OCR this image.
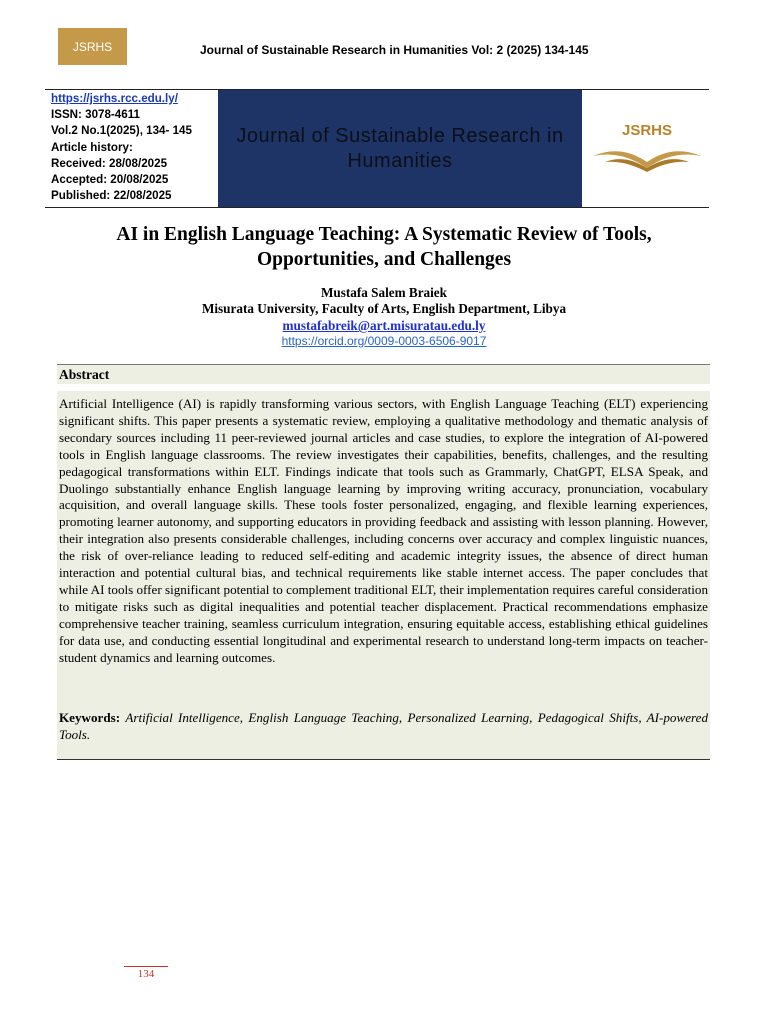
JSRHS	Journal of Sustainable Research in Humanities Vol: 2 (2025) 134-145
https://jsrhs.rcc.edu.ly/
ISSN: 3078-4611
Vol.2 No.1(2025), 134- 145
Article history:
Received: 28/08/2025
Accepted: 20/08/2025
Published: 22/08/2025
Journal of Sustainable Research in Humanities
JSRHS
AI in English Language Teaching: A Systematic Review of Tools, Opportunities, and Challenges
Mustafa Salem Braiek
Misurata University, Faculty of Arts, English Department, Libya
mustafabreik@art.misuratau.edu.ly
https://orcid.org/0009-0003-6506-9017
Abstract
Artificial Intelligence (AI) is rapidly transforming various sectors, with English Language Teaching (ELT) experiencing significant shifts. This paper presents a systematic review, employing a qualitative methodology and thematic analysis of secondary sources including 11 peer-reviewed journal articles and case studies, to explore the integration of AI-powered tools in English language classrooms. The review investigates their capabilities, benefits, challenges, and the resulting pedagogical transformations within ELT. Findings indicate that tools such as Grammarly, ChatGPT, ELSA Speak, and Duolingo substantially enhance English language learning by improving writing accuracy, pronunciation, vocabulary acquisition, and overall language skills. These tools foster personalized, engaging, and flexible learning experiences, promoting learner autonomy, and supporting educators in providing feedback and assisting with lesson planning. However, their integration also presents considerable challenges, including concerns over accuracy and complex linguistic nuances, the risk of over-reliance leading to reduced self-editing and academic integrity issues, the absence of direct human interaction and potential cultural bias, and technical requirements like stable internet access. The paper concludes that while AI tools offer significant potential to complement traditional ELT, their implementation requires careful consideration to mitigate risks such as digital inequalities and potential teacher displacement. Practical recommendations emphasize comprehensive teacher training, seamless curriculum integration, ensuring equitable access, establishing ethical guidelines for data use, and conducting essential longitudinal and experimental research to understand long-term impacts on teacher-student dynamics and learning outcomes.
Keywords: Artificial Intelligence, English Language Teaching, Personalized Learning, Pedagogical Shifts, AI-powered Tools.
134
